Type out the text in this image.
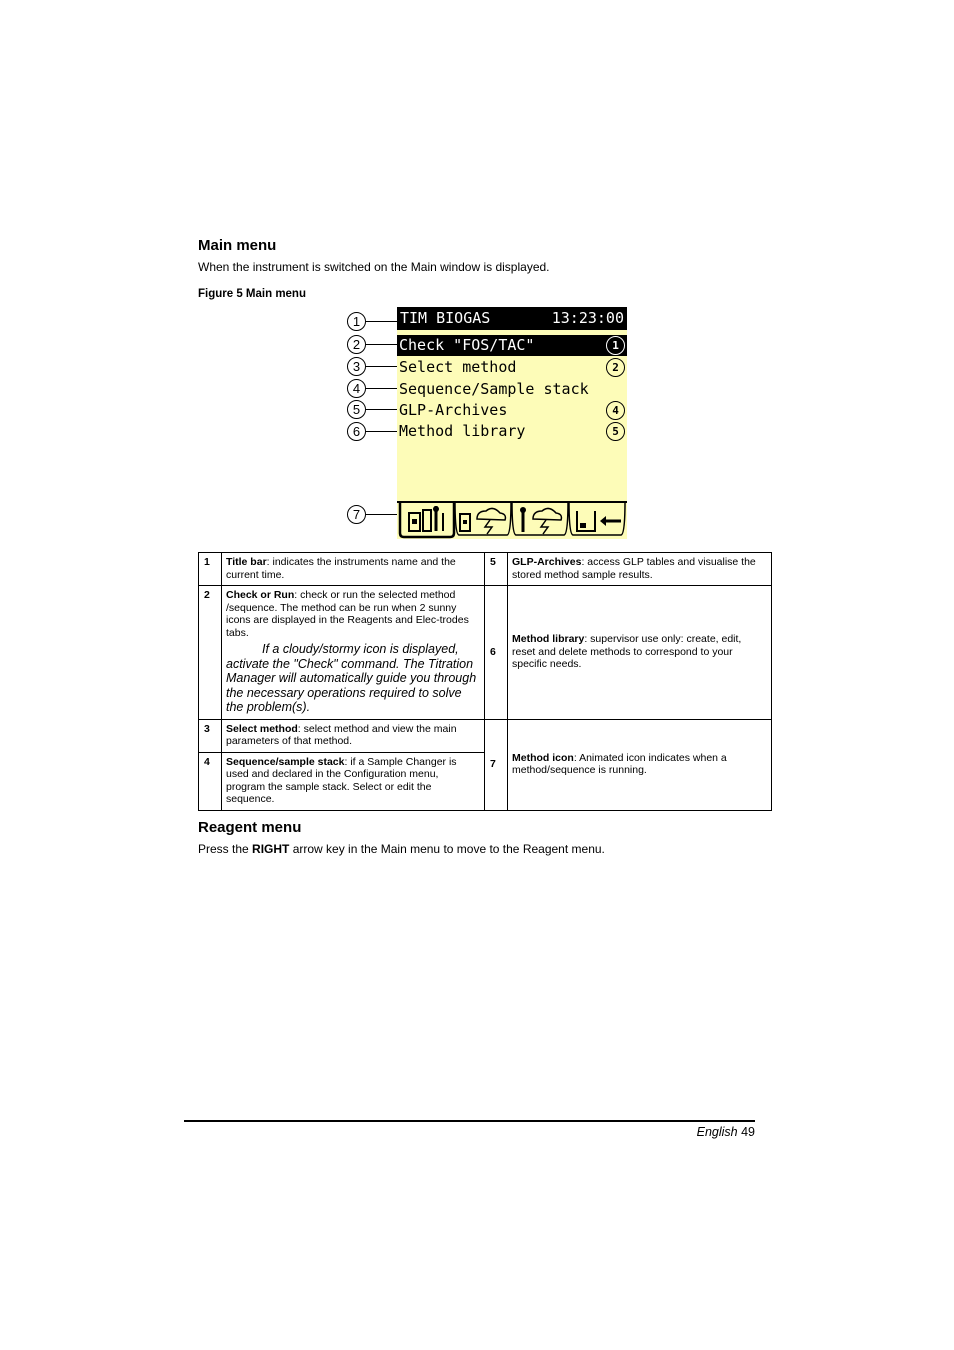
Main menu

When the instrument is switched on the Main window is displayed.

Figure 5 Main menu
1
2
3
4
5
6
7
TIM BIOGAS	13:23:00
Check "FOS/TAC"	1
Select method	2
Sequence/Sample stack
GLP-Archives	4
Method library	5
1	Title bar: indicates the instruments name and the current time.	5	GLP-Archives: access GLP tables and visualise the stored method sample results.
2	Check or Run: check or run the selected method /sequence. The method can be run when 2 sunny icons are displayed in the Reagents and Elec-trodes tabs.
If a cloudy/stormy icon is displayed, activate the "Check" command. The Titration Manager will automatically guide you through the necessary operations required to solve the problem(s).	6	Method library: supervisor use only: create, edit, reset and delete methods to correspond to your specific needs.
3	Select method: select method and view the main parameters of that method.	7	Method icon: Animated icon indicates when a method/sequence is running.
4	Sequence/sample stack: if a Sample Changer is used and declared in the Configuration menu, program the sample stack. Select or edit the sequence.		
Reagent menu

Press the RIGHT arrow key in the Main menu to move to the Reagent menu.

English 49
